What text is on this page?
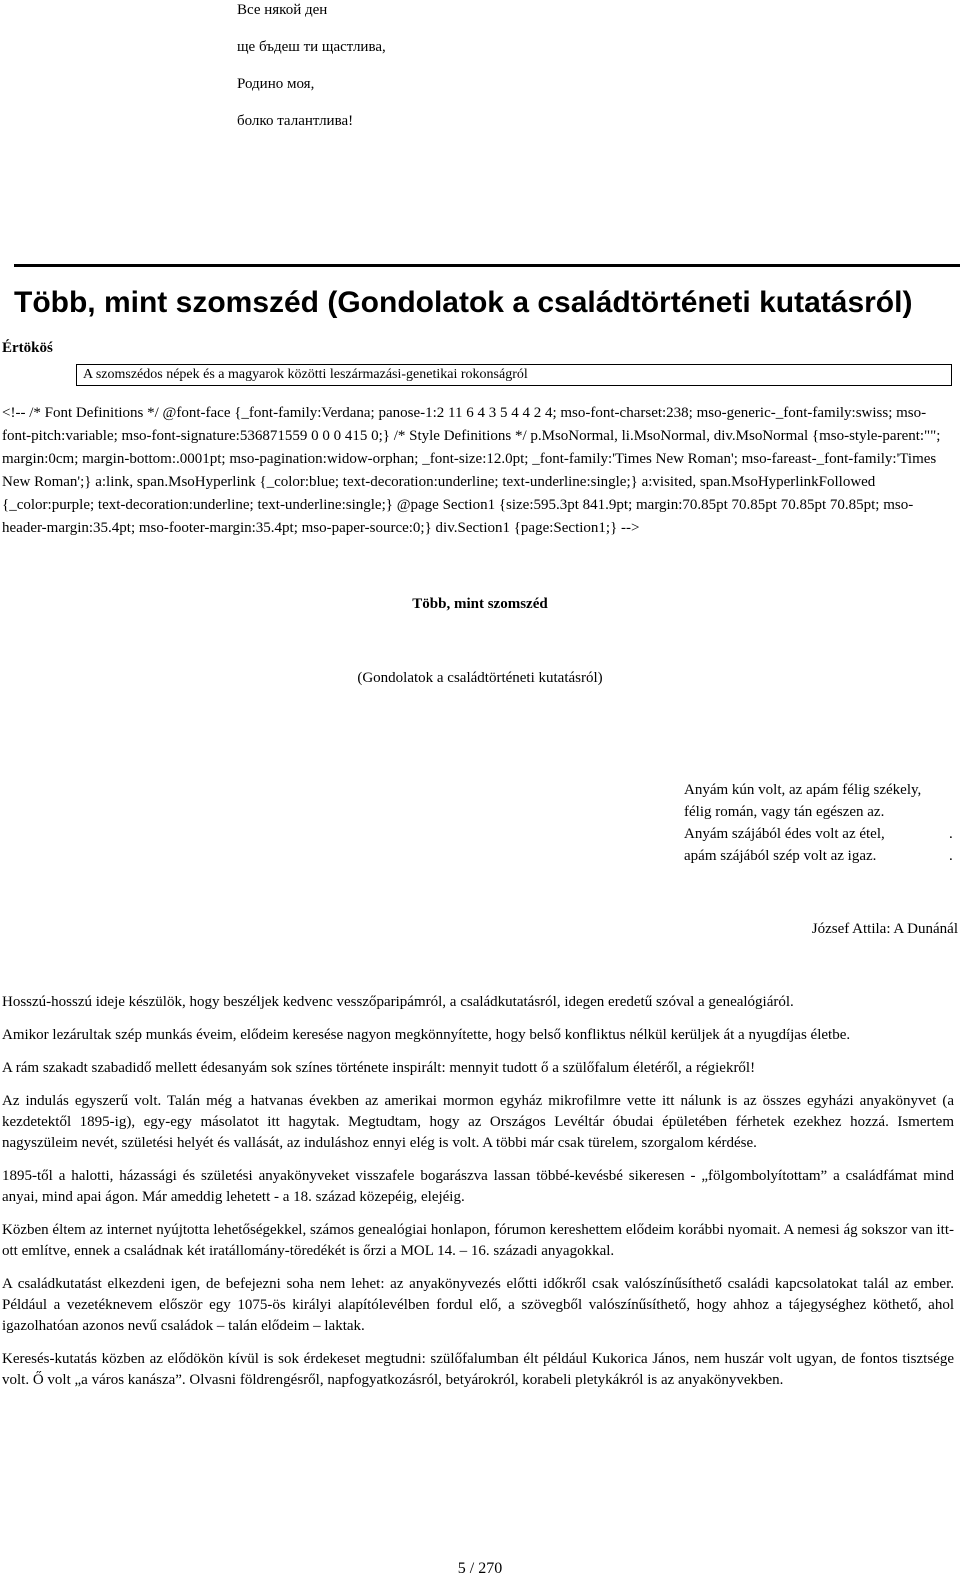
Все някой ден
ще бъдеш ти щастлива,
Родино моя,
болко талантлива!
Több, mint szomszéd (Gondolatok a családtörténeti kutatásról)
Értököś
A szomszédos népek és a magyarok közötti leszármazási-genetikai rokonságról

<!-- /* Font Definitions */ @font-face {_font-family:Verdana; panose-1:2 11 6 4 3 5 4 4 2 4; mso-font-charset:238; mso-generic-_font-family:swiss; mso-font-pitch:variable; mso-font-signature:536871559 0 0 0 415 0;} /* Style Definitions */ p.MsoNormal, li.MsoNormal, div.MsoNormal {mso-style-parent:""; margin:0cm; margin-bottom:.0001pt; mso-pagination:widow-orphan; _font-size:12.0pt; _font-family:'Times New Roman'; mso-fareast-_font-family:'Times New Roman';} a:link, span.MsoHyperlink {_color:blue; text-decoration:underline; text-underline:single;} a:visited, span.MsoHyperlinkFollowed {_color:purple; text-decoration:underline; text-underline:single;} @page Section1 {size:595.3pt 841.9pt; margin:70.85pt 70.85pt 70.85pt 70.85pt; mso-header-margin:35.4pt; mso-footer-margin:35.4pt; mso-paper-source:0;} div.Section1 {page:Section1;} -->

Több, mint szomszéd
(Gondolatok a családtörténeti kutatásról)
Anyám kún volt, az apám félig székely,
félig román, vagy tán egészen az.
Anyám szájából édes volt az étel,	.
apám szájából szép volt az igaz.	.
József Attila: A Dunánál

Hosszú-hosszú ideje készülök, hogy beszéljek kedvenc vesszőparipámról, a családkutatásról, idegen eredetű szóval a genealógiáról.

Amikor lezárultak szép munkás éveim, elődeim keresése nagyon megkönnyítette, hogy belső konfliktus nélkül kerüljek át a nyugdíjas életbe.

A rám szakadt szabadidő mellett édesanyám sok színes története inspirált: mennyit tudott ő a szülőfalum életéről, a régiekről!

Az indulás egyszerű volt. Talán még a hatvanas években az amerikai mormon egyház mikrofilmre vette itt nálunk is az összes egyházi anyakönyvet (a kezdetektől 1895-ig), egy-egy másolatot itt hagytak. Megtudtam, hogy az Országos Levéltár óbudai épületében férhetek ezekhez hozzá. Ismertem nagyszüleim nevét, születési helyét és vallását, az induláshoz ennyi elég is volt. A többi már csak türelem, szorgalom kérdése.

1895-től a halotti, házassági és születési anyakönyveket visszafele bogarászva lassan többé-kevésbé sikeresen - „fölgombolyítottam” a családfámat mind anyai, mind apai ágon. Már ameddig lehetett - a 18. század közepéig, elejéig.

Közben éltem az internet nyújtotta lehetőségekkel, számos genealógiai honlapon, fórumon kereshettem elődeim korábbi nyomait. A nemesi ág sokszor van itt-ott említve, ennek a családnak két iratállomány-töredékét is őrzi a MOL 14. – 16. századi anyagokkal.

A családkutatást elkezdeni igen, de befejezni soha nem lehet: az anyakönyvezés előtti időkről csak valószínűsíthető családi kapcsolatokat talál az ember. Például a vezetéknevem először egy 1075-ös királyi alapítólevélben fordul elő, a szövegből valószínűsíthető, hogy ahhoz a tájegységhez köthető, ahol igazolhatóan azonos nevű családok – talán elődeim – laktak.

Keresés-kutatás közben az elődökön kívül is sok érdekeset megtudni: szülőfalumban élt például Kukorica János, nem huszár volt ugyan, de fontos tisztsége volt. Ő volt „a város kanásza”. Olvasni földrengésről, napfogyatkozásról, betyárokról, korabeli pletykákról is az anyakönyvekben.

5 / 270
